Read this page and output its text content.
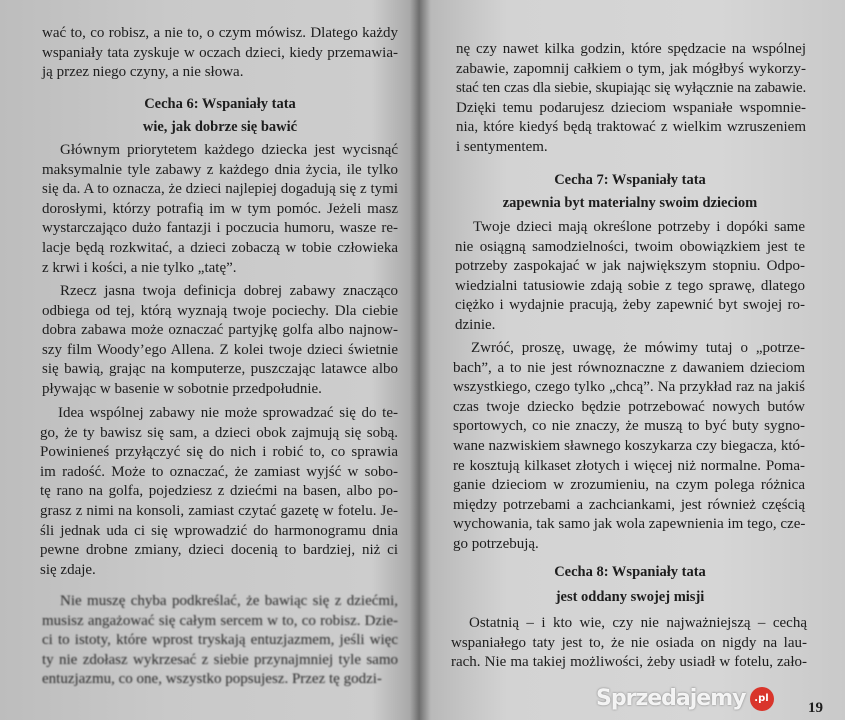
wać to, co robisz, a nie to, o czym mówisz. Dlatego każdy
wspaniały tata zyskuje w oczach dzieci, kiedy przemawia-
ją przez niego czyny, a nie słowa.
Cecha 6: Wspaniały tata
wie, jak dobrze się bawić
Głównym priorytetem każdego dziecka jest wycisnąć
maksymalnie tyle zabawy z każdego dnia życia, ile tylko
się da. A to oznacza, że dzieci najlepiej dogadują się z tymi
dorosłymi, którzy potrafią im w tym pomóc. Jeżeli masz
wystarczająco dużo fantazji i poczucia humoru, wasze re-
lacje będą rozkwitać, a dzieci zobaczą w tobie człowieka
z krwi i kości, a nie tylko „tatę”.
Rzecz jasna twoja definicja dobrej zabawy znacząco
odbiega od tej, którą wyznają twoje pociechy. Dla ciebie
dobra zabawa może oznaczać partyjkę golfa albo najnow-
szy film Woody’ego Allena. Z kolei twoje dzieci świetnie
się bawią, grając na komputerze, puszczając latawce albo
pływając w basenie w sobotnie przedpołudnie.
Idea wspólnej zabawy nie może sprowadzać się do te-
go, że ty bawisz się sam, a dzieci obok zajmują się sobą.
Powinieneś przyłączyć się do nich i robić to, co sprawia
im radość. Może to oznaczać, że zamiast wyjść w sobo-
tę rano na golfa, pojedziesz z dziećmi na basen, albo po-
grasz z nimi na konsoli, zamiast czytać gazetę w fotelu. Je-
śli jednak uda ci się wprowadzić do harmonogramu dnia
pewne drobne zmiany, dzieci docenią to bardziej, niż ci
się zdaje.
Nie muszę chyba podkreślać, że bawiąc się z dziećmi,
musisz angażować się całym sercem w to, co robisz. Dzie-
ci to istoty, które wprost tryskają entuzjazmem, jeśli więc
ty nie zdołasz wykrzesać z siebie przynajmniej tyle samo
entuzjazmu, co one, wszystko popsujesz. Przez tę godzi-
nę czy nawet kilka godzin, które spędzacie na wspólnej
zabawie, zapomnij całkiem o tym, jak mógłbyś wykorzy-
stać ten czas dla siebie, skupiając się wyłącznie na zabawie.
Dzięki temu podarujesz dzieciom wspaniałe wspomnie-
nia, które kiedyś będą traktować z wielkim wzruszeniem
i sentymentem.
Cecha 7: Wspaniały tata
zapewnia byt materialny swoim dzieciom
Twoje dzieci mają określone potrzeby i dopóki same
nie osiągną samodzielności, twoim obowiązkiem jest te
potrzeby zaspokajać w jak największym stopniu. Odpo-
wiedzialni tatusiowie zdają sobie z tego sprawę, dlatego
ciężko i wydajnie pracują, żeby zapewnić byt swojej ro-
dzinie.
Zwróć, proszę, uwagę, że mówimy tutaj o „potrze-
bach”, a to nie jest równoznaczne z dawaniem dzieciom
wszystkiego, czego tylko „chcą”. Na przykład raz na jakiś
czas twoje dziecko będzie potrzebować nowych butów
sportowych, co nie znaczy, że muszą to być buty sygno-
wane nazwiskiem sławnego koszykarza czy biegacza, któ-
re kosztują kilkaset złotych i więcej niż normalne. Poma-
ganie dzieciom w zrozumieniu, na czym polega różnica
między potrzebami a zachciankami, jest również częścią
wychowania, tak samo jak wola zapewnienia im tego, cze-
go potrzebują.
Cecha 8: Wspaniały tata
jest oddany swojej misji
Ostatnią – i kto wie, czy nie najważniejszą – cechą
wspaniałego taty jest to, że nie osiada on nigdy na lau-
rach. Nie ma takiej możliwości, żeby usiadł w fotelu, zało-
19
Sprzedajemy .pl
